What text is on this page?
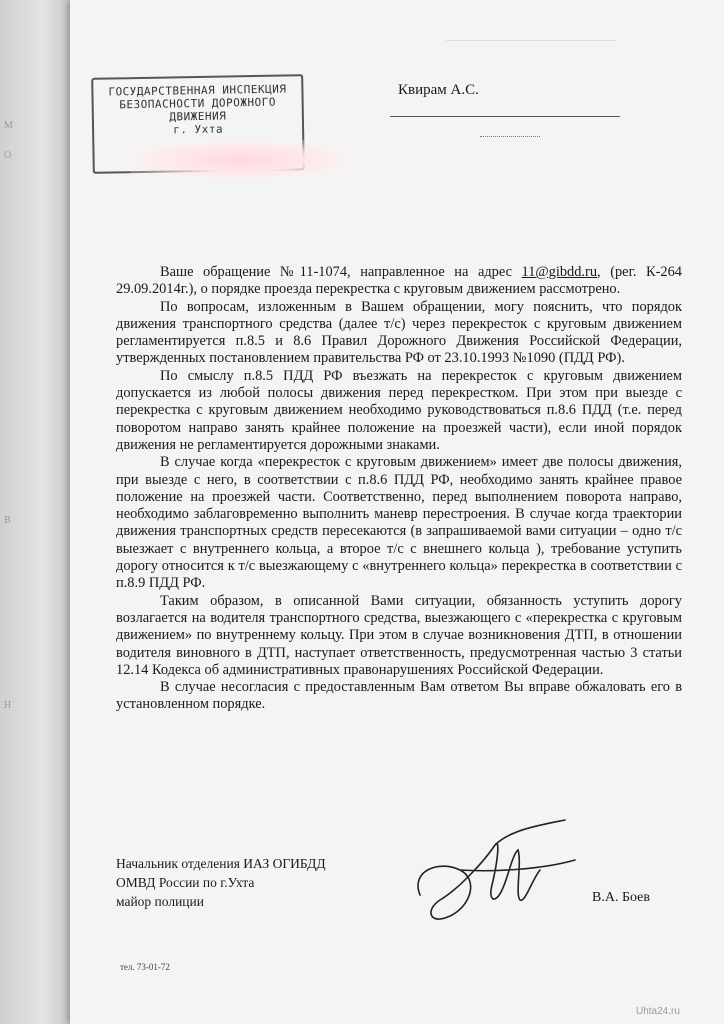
М
О
В
Н
ГОСУДАРСТВЕННАЯ ИНСПЕКЦИЯ
БЕЗОПАСНОСТИ ДОРОЖНОГО
ДВИЖЕНИЯ
г. Ухта
Квирам А.С.

Ваше обращение №11-1074, направленное на адрес 11@gibdd.ru, (рег. К-264 29.09.2014г.), о порядке проезда перекрестка с круговым движением рассмотрено.

По вопросам, изложенным в Вашем обращении, могу пояснить, что порядок движения транспортного средства (далее т/с) через перекресток с круговым движением регламентируется п.8.5 и 8.6 Правил Дорожного Движения Российской Федерации, утвержденных постановлением правительства РФ от 23.10.1993 №1090 (ПДД РФ).

По смыслу п.8.5 ПДД РФ въезжать на перекресток с круговым движением допускается из любой полосы движения перед перекрестком. При этом при выезде с перекрестка с круговым движением необходимо руководствоваться п.8.6 ПДД (т.е. перед поворотом направо занять крайнее положение на проезжей части), если иной порядок движения не регламентируется дорожными знаками.

В случае когда «перекресток с круговым движением» имеет две полосы движения, при выезде с него, в соответствии с п.8.6 ПДД РФ, необходимо занять крайнее правое положение на проезжей части. Соответственно, перед выполнением поворота направо, необходимо заблаговременно выполнить маневр перестроения. В случае когда траектории движения транспортных средств пересекаются (в запрашиваемой вами ситуации – одно т/с выезжает с внутреннего кольца, а второе т/с с внешнего кольца ), требование уступить дорогу относится к т/с выезжающему с «внутреннего кольца» перекрестка в соответствии с п.8.9 ПДД РФ.

Таким образом, в описанной Вами ситуации, обязанность уступить дорогу возлагается на водителя транспортного средства, выезжающего с «перекрестка с круговым движением» по внутреннему кольцу. При этом в случае возникновения ДТП, в отношении водителя виновного в ДТП, наступает ответственность, предусмотренная частью 3 статьи 12.14 Кодекса об административных правонарушениях Российской Федерации.

В случае несогласия с предоставленным Вам ответом Вы вправе обжаловать его в установленном порядке.

Начальник отделения ИАЗ ОГИБДД
ОМВД России по г.Ухта
майор полиции	В.А. Боев
тел. 73-01-72
Uhta24.ru
